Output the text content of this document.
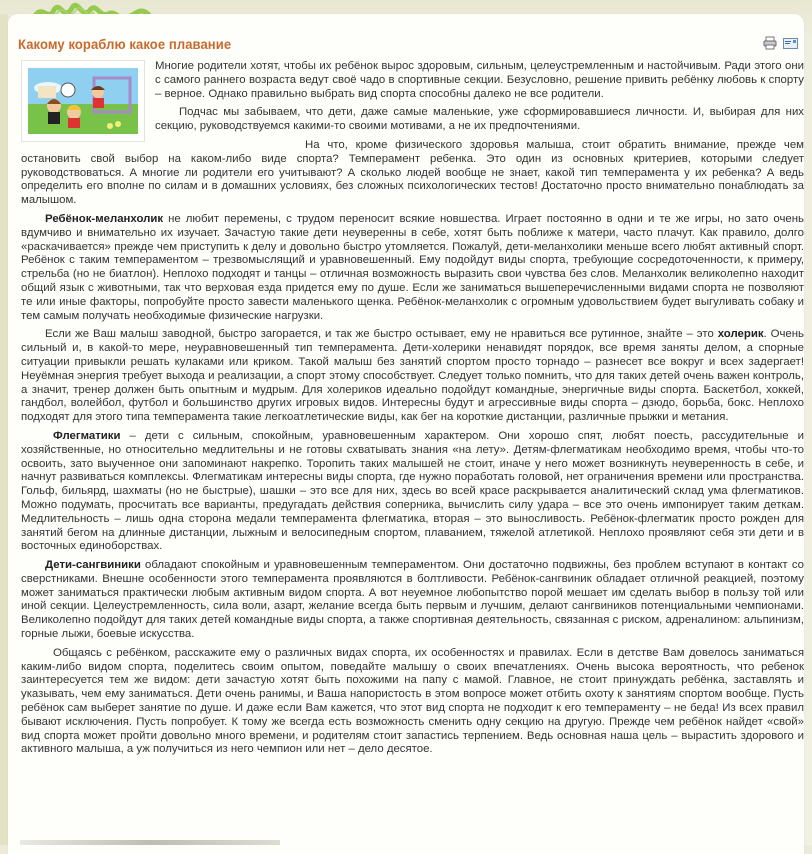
Какому кораблю какое плавание

Многие родители хотят, чтобы их ребёнок вырос здоровым, сильным, целеустремленным и настойчивым. Ради этого они с самого раннего возраста ведут своё чадо в спортивные секции. Безусловно, решение привить ребёнку любовь к спорту – верное. Однако правильно выбрать вид спорта способны далеко не все родители.

Подчас мы забываем, что дети, даже самые маленькие, уже сформировавшиеся личности. И, выбирая для них секцию, руководствуемся какими-то своими мотивами, а не их предпочтениями.

На что, кроме физического здоровья малыша, стоит обратить внимание, прежде чем остановить свой выбор на каком-либо виде спорта? Темперамент ребенка. Это один из основных критериев, которыми следует руководствоваться. А многие ли родители его учитывают? А сколько людей вообще не знает, какой тип темперамента у их ребенка? А ведь определить его вполне по силам и в домашних условиях, без сложных психологических тестов! Достаточно просто внимательно понаблюдать за малышом.

Ребёнок-меланхолик не любит перемены, с трудом переносит всякие новшества. Играет постоянно в одни и те же игры, но зато очень вдумчиво и внимательно их изучает. Зачастую такие дети неуверенны в себе, хотят быть поближе к матери, часто плачут. Как правило, долго «раскачивается» прежде чем приступить к делу и довольно быстро утомляется. Пожалуй, дети-меланхолики меньше всего любят активный спорт. Ребёнок с таким темпераментом – трезвомыслящий и уравновешенный. Ему подойдут виды спорта, требующие сосредоточенности, к примеру, стрельба (но не биатлон). Неплохо подходят и танцы – отличная возможность выразить свои чувства без слов. Меланхолик великолепно находит общий язык с животными, так что верховая езда придется ему по душе. Если же заниматься вышеперечисленными видами спорта не позволяют те или иные факторы, попробуйте просто завести маленького щенка. Ребёнок-меланхолик с огромным удовольствием будет выгуливать собаку и тем самым получать необходимые физические нагрузки.

Если же Ваш малыш заводной, быстро загорается, и так же быстро остывает, ему не нравиться все рутинное, знайте – это холерик. Очень сильный и, в какой-то мере, неуравновешенный тип темперамента. Дети-холерики ненавидят порядок, все время заняты делом, а спорные ситуации привыкли решать кулаками или криком. Такой малыш без занятий спортом просто торнадо – разнесет все вокруг и всех задергает! Неуёмная энергия требует выхода и реализации, а спорт этому способствует. Следует только помнить, что для таких детей очень важен контроль, а значит, тренер должен быть опытным и мудрым. Для холериков идеально подойдут командные, энергичные виды спорта. Баскетбол, хоккей, гандбол, волейбол, футбол и большинство других игровых видов. Интересны будут и агрессивные виды спорта – дзюдо, борьба, бокс. Неплохо подходят для этого типа темперамента такие легкоатлетические виды, как бег на короткие дистанции, различные прыжки и метания.

Флегматики – дети с сильным, спокойным, уравновешенным характером. Они хорошо спят, любят поесть, рассудительные и хозяйственные, но относительно медлительны и не готовы схватывать знания «на лету». Детям-флегматикам необходимо время, чтобы что-то освоить, зато выученное они запоминают накрепко. Торопить таких малышей не стоит, иначе у него может возникнуть неуверенность в себе, и начнут развиваться комплексы. Флегматикам интересны виды спорта, где нужно поработать головой, нет ограничения времени или пространства. Гольф, бильярд, шахматы (но не быстрые), шашки – это все для них, здесь во всей красе раскрывается аналитический склад ума флегматиков. Можно подумать, просчитать все варианты, предугадать действия соперника, вычислить силу удара – все это очень импонирует таким деткам. Медлительность – лишь одна сторона медали темперамента флегматика, вторая – это выносливость. Ребёнок-флегматик просто рожден для занятий бегом на длинные дистанции, лыжным и велосипедным спортом, плаванием, тяжелой атлетикой. Неплохо проявляют себя эти дети и в восточных единоборствах.

Дети-сангвиники обладают спокойным и уравновешенным темпераментом. Они достаточно подвижны, без проблем вступают в контакт со сверстниками. Внешне особенности этого темперамента проявляются в болтливости. Ребёнок-сангвиник обладает отличной реакцией, поэтому может заниматься практически любым активным видом спорта. А вот неуемное любопытство порой мешает им сделать выбор в пользу той или иной секции. Целеустремленность, сила воли, азарт, желание всегда быть первым и лучшим, делают сангвиников потенциальными чемпионами. Великолепно подойдут для таких детей командные виды спорта, а также спортивная деятельность, связанная с риском, адреналином: альпинизм, горные лыжи, боевые искусства.

Общаясь с ребёнком, расскажите ему о различных видах спорта, их особенностях и правилах. Если в детстве Вам довелось заниматься каким-либо видом спорта, поделитесь своим опытом, поведайте малышу о своих впечатлениях. Очень высока вероятность, что ребенок заинтересуется тем же видом: дети зачастую хотят быть похожими на папу с мамой. Главное, не стоит принуждать ребёнка, заставлять и указывать, чем ему заниматься. Дети очень ранимы, и Ваша напористость в этом вопросе может отбить охоту к занятиям спортом вообще. Пусть ребёнок сам выберет занятие по душе. И даже если Вам кажется, что этот вид спорта не подходит к его темпераменту – не беда! Из всех правил бывают исключения. Пусть попробует. К тому же всегда есть возможность сменить одну секцию на другую. Прежде чем ребёнок найдет «свой» вид спорта может пройти довольно много времени, и родителям стоит запастись терпением. Ведь основная наша цель – вырастить здорового и активного малыша, а уж получиться из него чемпион или нет – дело десятое.
